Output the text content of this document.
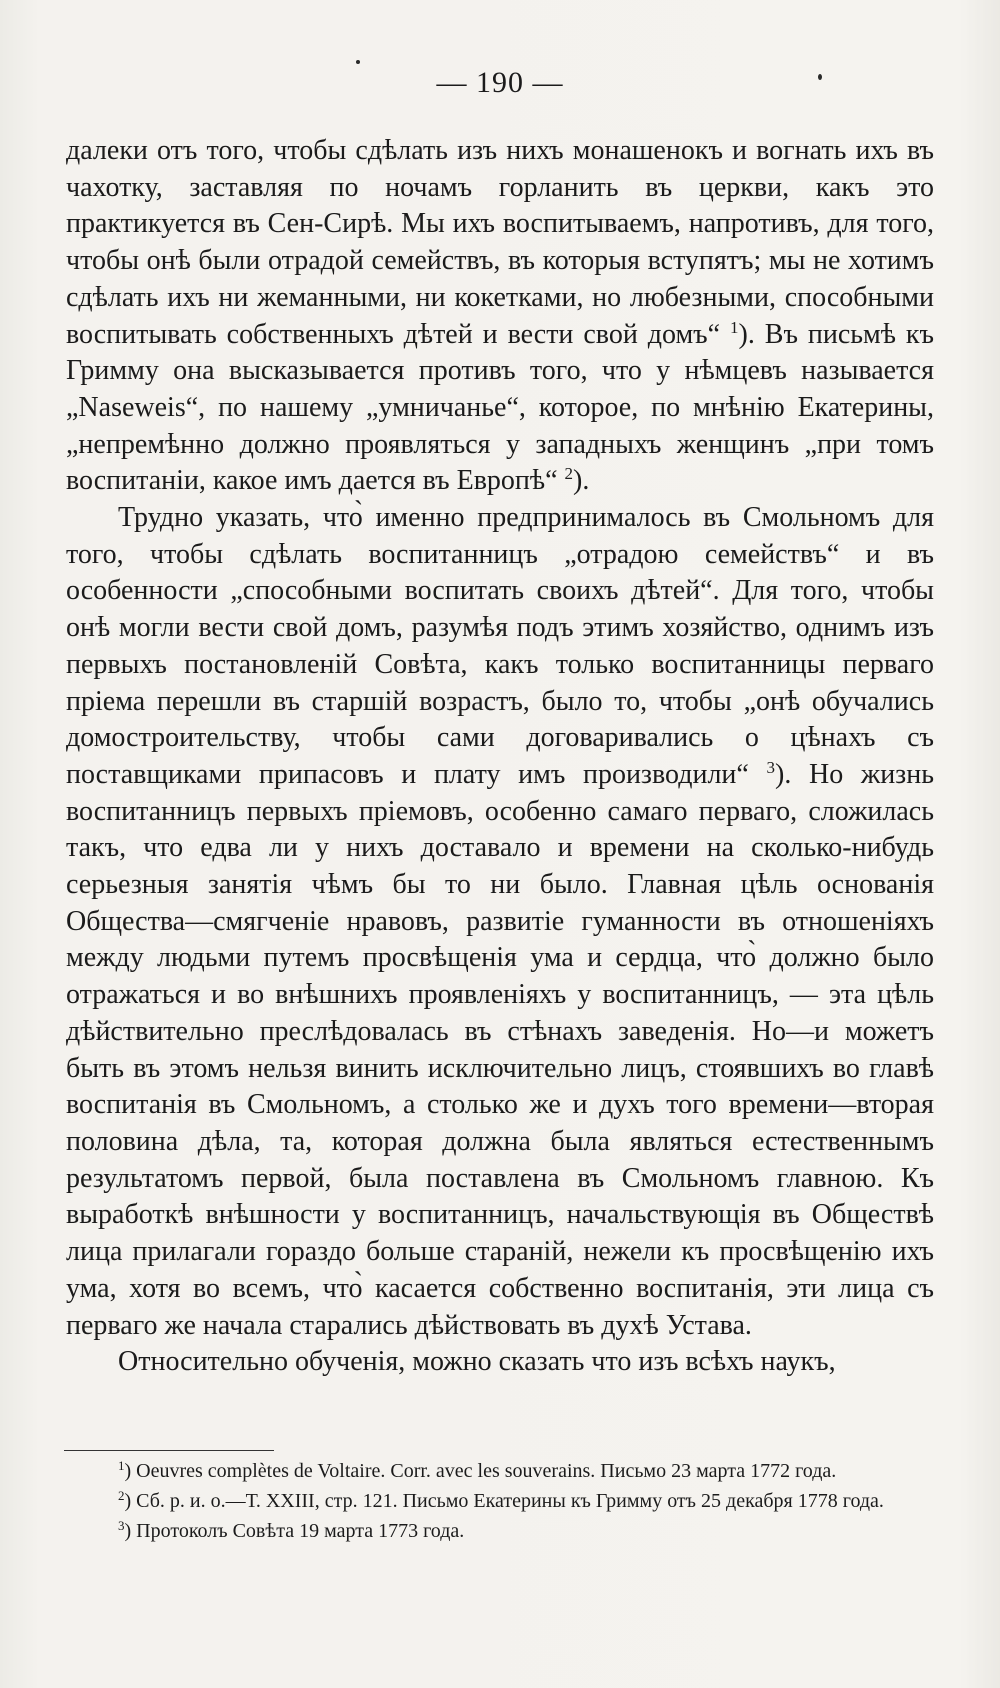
— 190 —

далеки отъ того, чтобы сдѣлать изъ нихъ монашенокъ и вогнать ихъ въ чахотку, заставляя по ночамъ горланить въ церкви, какъ это практикуется въ Сен-Сирѣ. Мы ихъ воспитываемъ, напротивъ, для того, чтобы онѣ были отрадой семействъ, въ которыя вступятъ; мы не хотимъ сдѣлать ихъ ни жеманными, ни кокетками, но любезными, способными воспитывать собственныхъ дѣтей и вести свой домъ“ $^1$). Въ письмѣ къ Гримму она высказывается противъ того, что у нѣмцевъ называется „Naseweis“, по нашему „умничанье“, которое, по мнѣнію Екатерины, „непремѣнно должно проявляться у западныхъ женщинъ „при томъ воспитаніи, какое имъ дается въ Европѣ“ $^2$).

Трудно указать, что̀ именно предпринималось въ Смольномъ для того, чтобы сдѣлать воспитанницъ „отрадою семействъ“ и въ особенности „способными воспитать своихъ дѣтей“. Для того, чтобы онѣ могли вести свой домъ, разумѣя подъ этимъ хозяйство, однимъ изъ первыхъ постановленій Совѣта, какъ только воспитанницы перваго пріема перешли въ старшій возрастъ, было то, чтобы „онѣ обучались домостроительству, чтобы сами договаривались о цѣнахъ съ поставщиками припасовъ и плату имъ производили“ $^3$). Но жизнь воспитанницъ первыхъ пріемовъ, особенно самаго перваго, сложилась такъ, что едва ли у нихъ доставало и времени на сколько-нибудь серьезныя занятія чѣмъ бы то ни было. Главная цѣль основанія Общества—смягченіе нравовъ, развитіе гуманности въ отношеніяхъ между людьми путемъ просвѣщенія ума и сердца, что̀ должно было отражаться и во внѣшнихъ проявленіяхъ у воспитанницъ, — эта цѣль дѣйствительно преслѣдовалась въ стѣнахъ заведенія. Но—и можетъ быть въ этомъ нельзя винить исключительно лицъ, стоявшихъ во главѣ воспитанія въ Смольномъ, а столько же и духъ того времени—вторая половина дѣла, та, которая должна была являться естественнымъ результатомъ первой, была поставлена въ Смольномъ главною. Къ выработкѣ внѣшности у воспитанницъ, начальствующія въ Обществѣ лица прилагали гораздо больше стараній, нежели къ просвѣщенію ихъ ума, хотя во всемъ, что̀ касается собственно воспитанія, эти лица съ перваго же начала старались дѣйствовать въ духѣ Устава.

Относительно обученія, можно сказать что изъ всѣхъ наукъ,

$^1$) Oeuvres complètes de Voltaire. Corr. avec les souverains. Письмо 23 марта 1772 года.

$^2$) Сб. р. и. о.—Т. XXIII, стр. 121. Письмо Екатерины къ Гримму отъ 25 декабря 1778 года.

$^3$) Протоколъ Совѣта 19 марта 1773 года.
